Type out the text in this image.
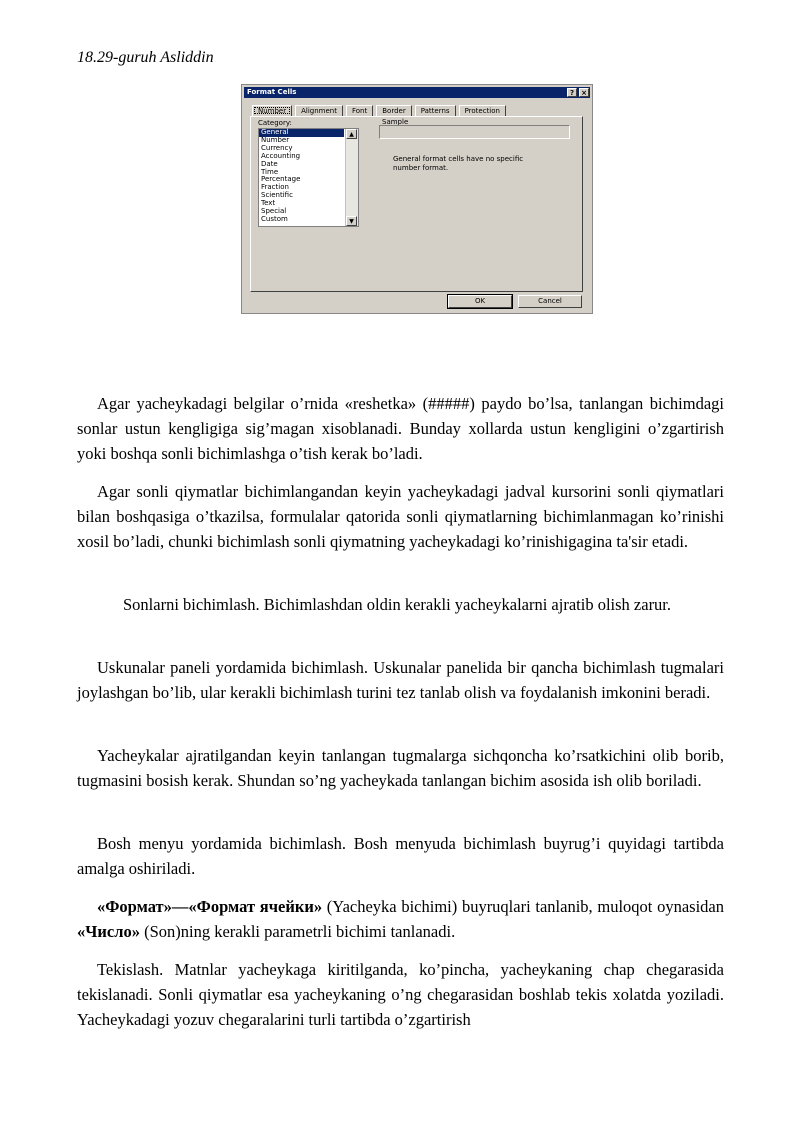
18.29-guruh Asliddin
Format Cells	?	×
Number	Alignment	Font	Border	Patterns	Protection
Category:
General
Number
Currency
Accounting
Date
Time
Percentage
Fraction
Scientific
Text
Special
Custom
▲
▼
Sample
General format cells have no specific number format.
OK	Cancel

Agar yacheykadagi belgilar o’rnida «reshetka» (#####) paydo bo’lsa, tanlangan bichimdagi sonlar ustun kengligiga sig’magan xisoblanadi. Bunday xollarda ustun kengligini o’zgartirish yoki boshqa sonli bichimlashga o’tish kerak bo’ladi.

Agar sonli qiymatlar bichimlangandan keyin yacheykadagi jadval kursorini sonli qiymatlari bilan boshqasiga o’tkazilsa, formulalar qatorida sonli qiymatlarning bichimlanmagan ko’rinishi xosil bo’ladi, chunki bichimlash sonli qiymatning yacheykadagi ko’rinishigagina ta'sir etadi.

Sonlarni bichimlash. Bichimlashdan oldin kerakli yacheykalarni ajratib olish zarur.

Uskunalar paneli yordamida bichimlash. Uskunalar panelida bir qancha bichimlash tugmalari joylashgan bo’lib, ular kerakli bichimlash turini tez tanlab olish va foydalanish imkonini beradi.

Yacheykalar ajratilgandan keyin tanlangan tugmalarga sichqoncha ko’rsatkichini olib borib, tugmasini bosish kerak. Shundan so’ng yacheykada tanlangan bichim asosida ish olib boriladi.

Bosh menyu yordamida bichimlash. Bosh menyuda bichimlash buyrug’i quyidagi tartibda amalga oshiriladi.

«Формат»—«Формат ячейки» (Yacheyka bichimi) buyruqlari tanlanib, muloqot oynasidan «Число» (Son)ning kerakli parametrli bichimi tanlanadi.

Tekislash. Matnlar yacheykaga kiritilganda, ko’pincha, yacheykaning chap chegarasida tekislanadi. Sonli qiymatlar esa yacheykaning o’ng chegarasidan boshlab tekis xolatda yoziladi. Yacheykadagi yozuv chegaralarini turli tartibda o’zgartirish
